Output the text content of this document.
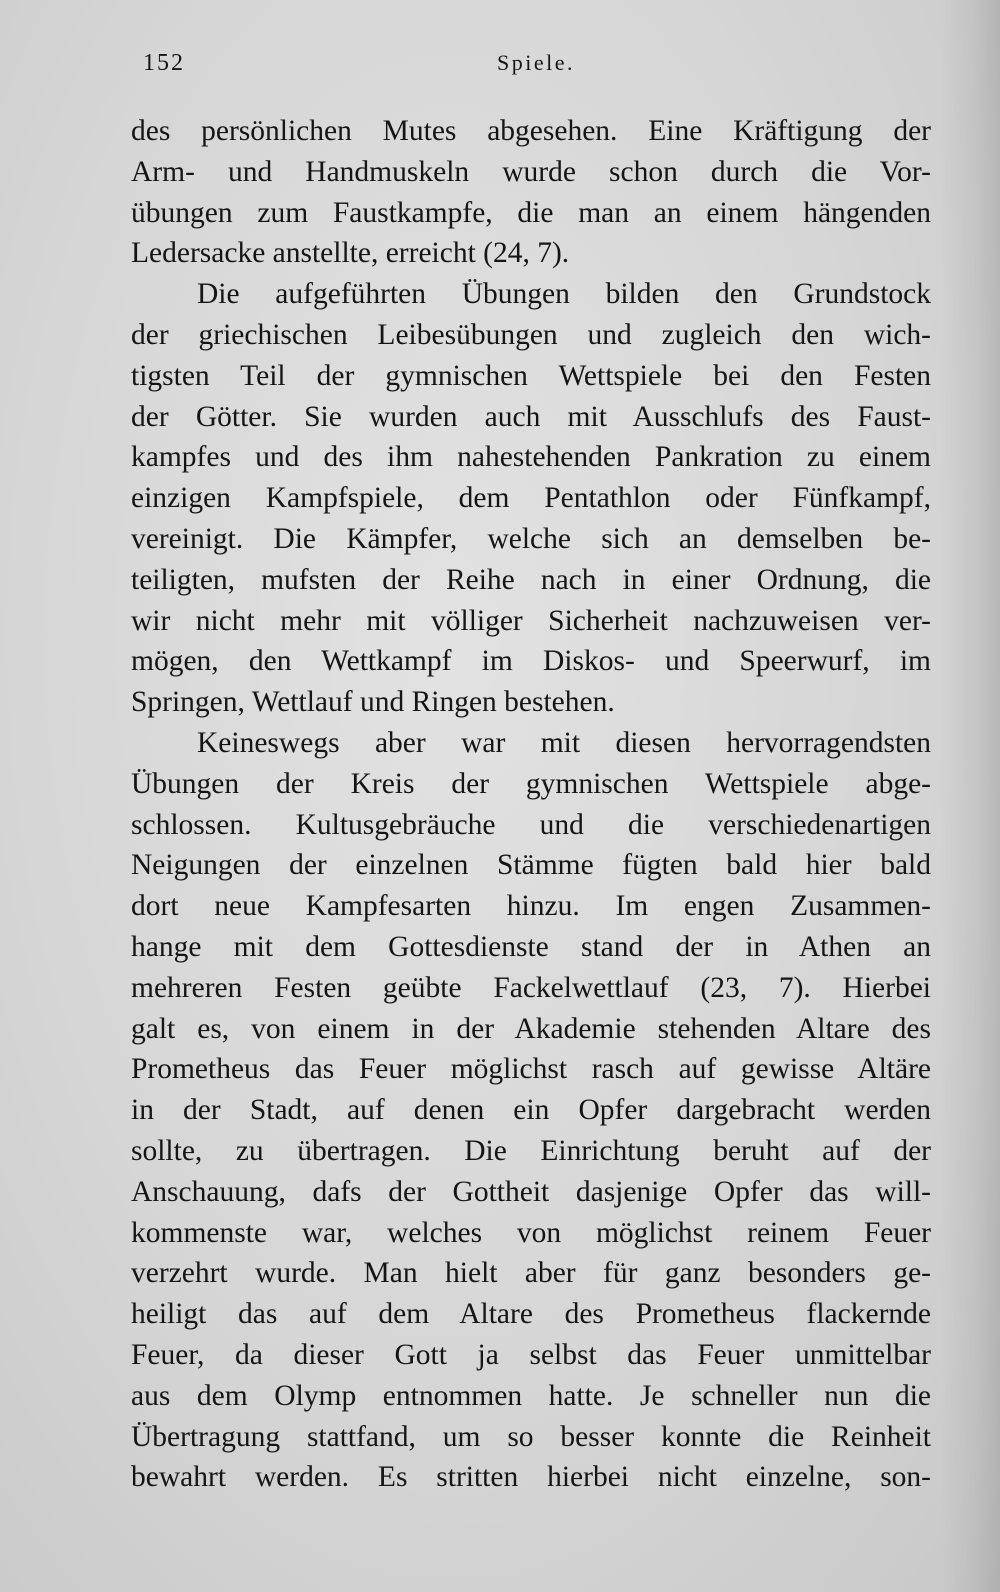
152	Spiele.
des persönlichen Mutes abgesehen. Eine Kräftigung der
Arm- und Handmuskeln wurde schon durch die Vor-
übungen zum Faustkampfe, die man an einem hängenden
Ledersacke anstellte, erreicht (24, 7).
Die aufgeführten Übungen bilden den Grundstock
der griechischen Leibesübungen und zugleich den wich-
tigsten Teil der gymnischen Wettspiele bei den Festen
der Götter. Sie wurden auch mit Ausschlufs des Faust-
kampfes und des ihm nahestehenden Pankration zu einem
einzigen Kampfspiele, dem Pentathlon oder Fünfkampf,
vereinigt. Die Kämpfer, welche sich an demselben be-
teiligten, mufsten der Reihe nach in einer Ordnung, die
wir nicht mehr mit völliger Sicherheit nachzuweisen ver-
mögen, den Wettkampf im Diskos- und Speerwurf, im
Springen, Wettlauf und Ringen bestehen.
Keineswegs aber war mit diesen hervorragendsten
Übungen der Kreis der gymnischen Wettspiele abge-
schlossen. Kultusgebräuche und die verschiedenartigen
Neigungen der einzelnen Stämme fügten bald hier bald
dort neue Kampfesarten hinzu. Im engen Zusammen-
hange mit dem Gottesdienste stand der in Athen an
mehreren Festen geübte Fackelwettlauf (23, 7). Hierbei
galt es, von einem in der Akademie stehenden Altare des
Prometheus das Feuer möglichst rasch auf gewisse Altäre
in der Stadt, auf denen ein Opfer dargebracht werden
sollte, zu übertragen. Die Einrichtung beruht auf der
Anschauung, dafs der Gottheit dasjenige Opfer das will-
kommenste war, welches von möglichst reinem Feuer
verzehrt wurde. Man hielt aber für ganz besonders ge-
heiligt das auf dem Altare des Prometheus flackernde
Feuer, da dieser Gott ja selbst das Feuer unmittelbar
aus dem Olymp entnommen hatte. Je schneller nun die
Übertragung stattfand, um so besser konnte die Reinheit
bewahrt werden. Es stritten hierbei nicht einzelne, son-
